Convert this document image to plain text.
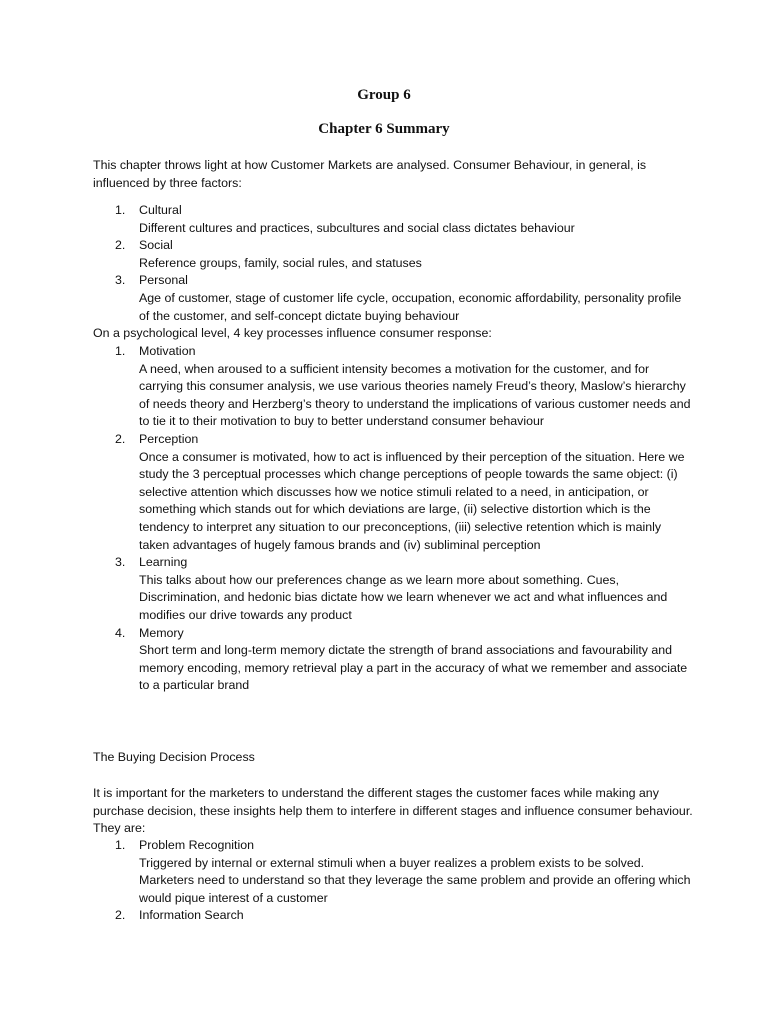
Group 6
Chapter 6 Summary

This chapter throws light at how Customer Markets are analysed. Consumer Behaviour, in general, is influenced by three factors:

1. Cultural
Different cultures and practices, subcultures and social class dictates behaviour
2. Social
Reference groups, family, social rules, and statuses
3. Personal
Age of customer, stage of customer life cycle, occupation, economic affordability, personality profile of the customer, and self-concept dictate buying behaviour

On a psychological level, 4 key processes influence consumer response:

1. Motivation
A need, when aroused to a sufficient intensity becomes a motivation for the customer, and for carrying this consumer analysis, we use various theories namely Freud’s theory, Maslow’s hierarchy of needs theory and Herzberg’s theory to understand the implications of various customer needs and to tie it to their motivation to buy to better understand consumer behaviour
2. Perception
Once a consumer is motivated, how to act is influenced by their perception of the situation. Here we study the 3 perceptual processes which change perceptions of people towards the same object: (i) selective attention which discusses how we notice stimuli related to a need, in anticipation, or something which stands out for which deviations are large, (ii) selective distortion which is the tendency to interpret any situation to our preconceptions, (iii) selective retention which is mainly taken advantages of hugely famous brands and (iv) subliminal perception
3. Learning
This talks about how our preferences change as we learn more about something. Cues, Discrimination, and hedonic bias dictate how we learn whenever we act and what influences and modifies our drive towards any product
4. Memory
Short term and long-term memory dictate the strength of brand associations and favourability and memory encoding, memory retrieval play a part in the accuracy of what we remember and associate to a particular brand

The Buying Decision Process

It is important for the marketers to understand the different stages the customer faces while making any purchase decision, these insights help them to interfere in different stages and influence consumer behaviour. They are:

1. Problem Recognition
Triggered by internal or external stimuli when a buyer realizes a problem exists to be solved. Marketers need to understand so that they leverage the same problem and provide an offering which would pique interest of a customer
2. Information Search
